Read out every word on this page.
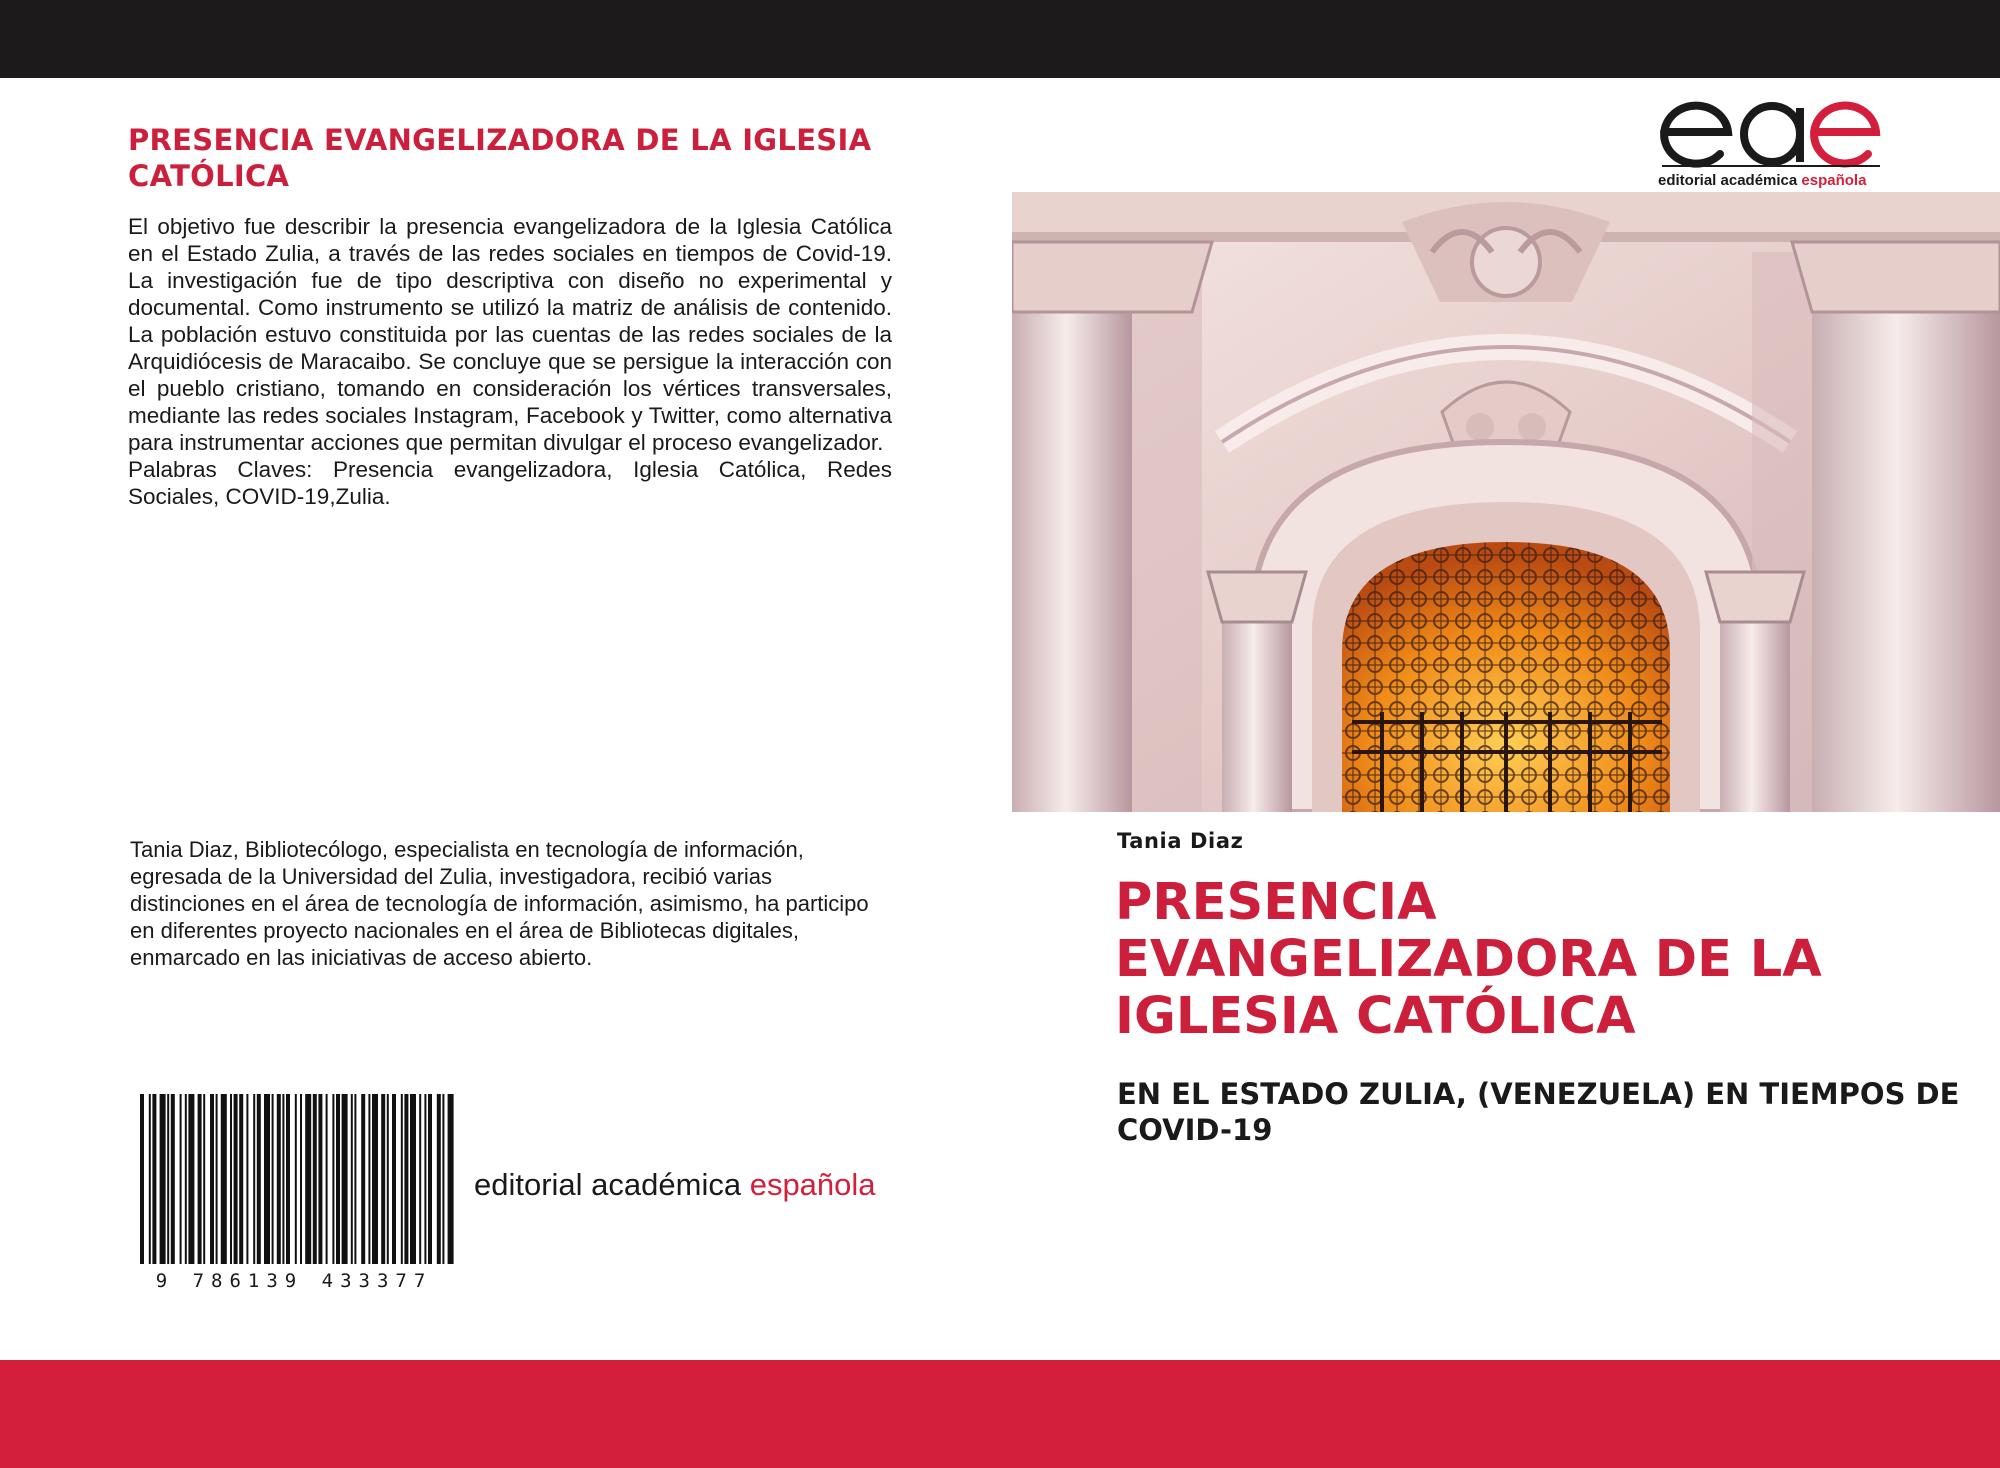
PRESENCIA EVANGELIZADORA DE LA IGLESIA CATÓLICA

El objetivo fue describir la presencia evangelizadora de la Iglesia Católica en el Estado Zulia, a través de las redes sociales en tiempos de Covid-19. La investigación fue de tipo descriptiva con diseño no experimental y documental. Como instrumento se utilizó la matriz de análisis de contenido. La población estuvo constituida por las cuentas de las redes sociales de la Arquidiócesis de Maracaibo. Se concluye que se persigue la interacción con el pueblo cristiano, tomando en consideración los vértices transversales, mediante las redes sociales Instagram, Facebook y Twitter, como alternativa para instrumentar acciones que permitan divulgar el proceso evangelizador.

Palabras Claves: Presencia evangelizadora, Iglesia Católica, Redes Sociales, COVID-19,Zulia.

Tania Diaz, Bibliotecólogo, especialista en tecnología de información, egresada de la Universidad del Zulia, investigadora, recibió varias distinciones en el área de tecnología de información, asimismo, ha participo en diferentes proyecto nacionales en el área de Bibliotecas digitales, enmarcado en las iniciativas de acceso abierto.

9 786139 433377

editorial académica española

editorial académica española

Tania Diaz

PRESENCIA EVANGELIZADORA DE LA IGLESIA CATÓLICA
EN EL ESTADO ZULIA, (VENEZUELA) EN TIEMPOS DE COVID-19
